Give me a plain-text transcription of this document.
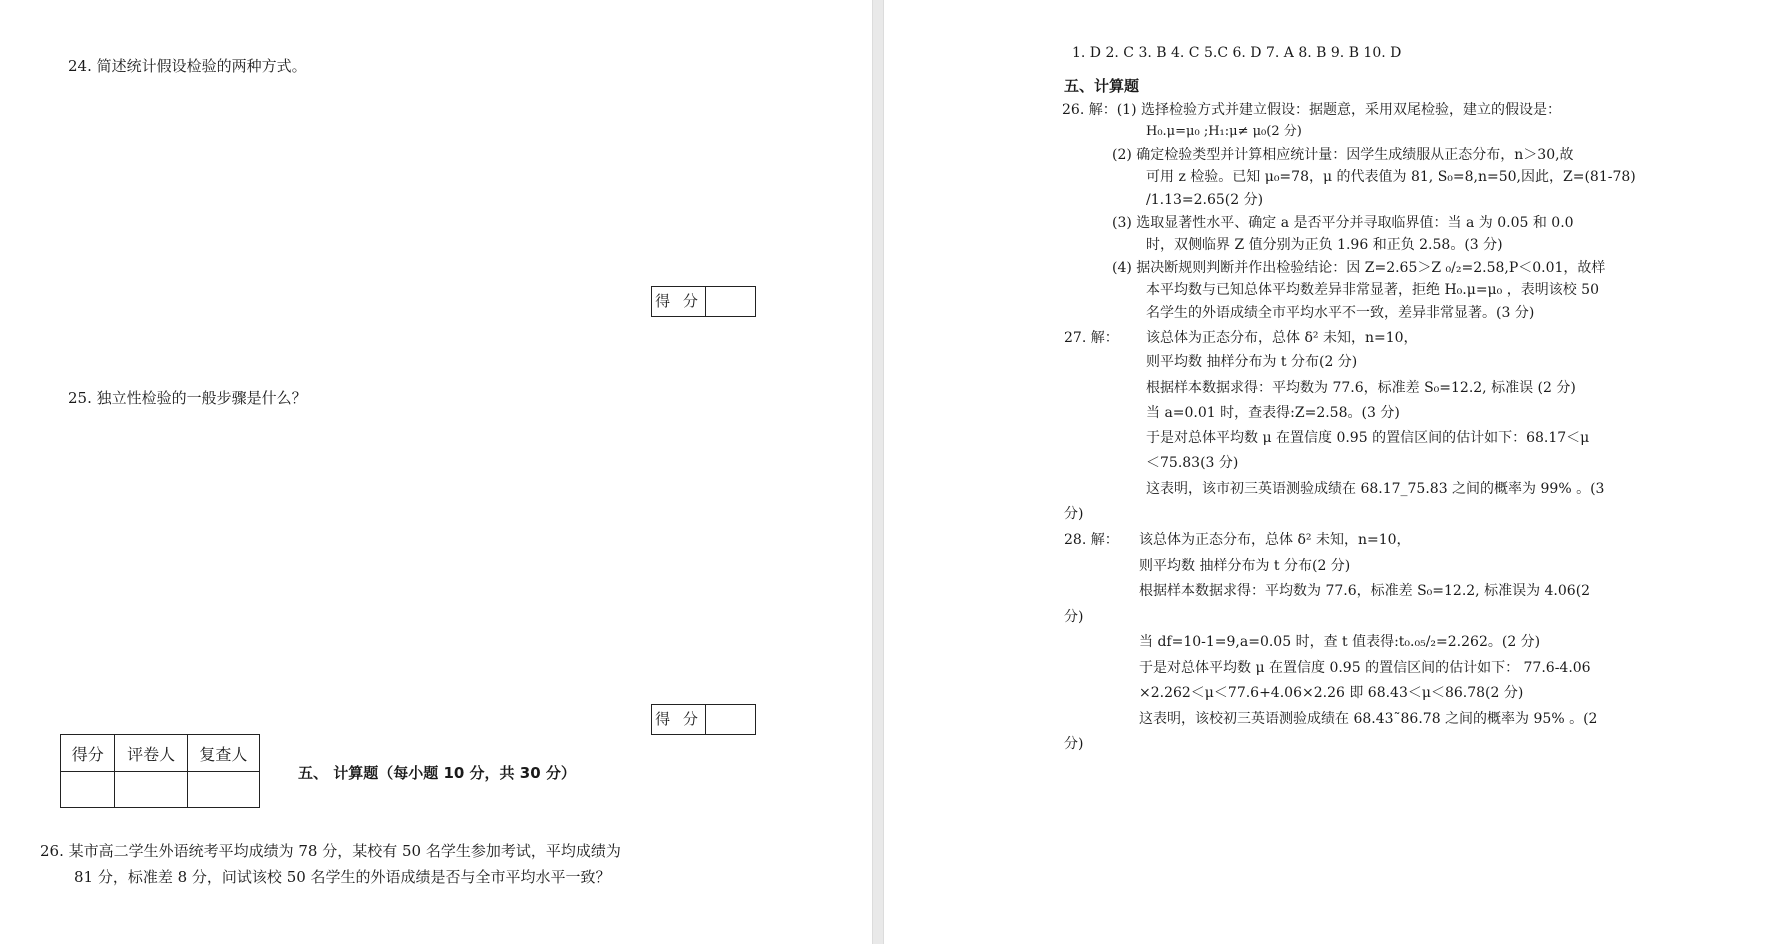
24. 简述统计假设检验的两种方式。
得 分
25. 独立性检验的一般步骤是什么？
得 分
得分	评卷人	复查人

五、 计算题（每小题 10 分，共 30 分）
26. 某市高二学生外语统考平均成绩为 78 分，某校有 50 名学生参加考试，平均成绩为
81 分，标准差 8 分，问试该校 50 名学生的外语成绩是否与全市平均水平一致？
1. D 2. C 3. B 4. C 5.C 6. D 7. A 8. B 9. B 10. D
五、计算题
26. 解：(1) 选择检验方式并建立假设：据题意，采用双尾检验，建立的假设是：
H₀.μ=μ₀ ;H₁:μ≠ μ₀(2 分)
(2) 确定检验类型并计算相应统计量：因学生成绩服从正态分布，n＞30,故
可用 z 检验。已知 μ₀=78，μ 的代表值为 81, S₀=8,n=50,因此，Z=(81-78)
/1.13=2.65(2 分)
(3) 选取显著性水平、确定 a 是否平分并寻取临界值：当 a 为 0.05 和 0.0
时，双侧临界 Z 值分别为正负 1.96 和正负 2.58。(3 分)
(4) 据决断规则判断并作出检验结论：因 Z=2.65＞Z ₀/₂=2.58,P＜0.01，故样
本平均数与已知总体平均数差异非常显著，拒绝 H₀.μ=μ₀ ，表明该校 50
名学生的外语成绩全市平均水平不一致，差异非常显著。(3 分)
27. 解： 该总体为正态分布，总体 δ² 未知，n=10，
则平均数 抽样分布为 t 分布(2 分)
根据样本数据求得：平均数为 77.6，标准差 S₀=12.2, 标准误 (2 分)
当 a=0.01 时，查表得:Z=2.58。(3 分)
于是对总体平均数 μ 在置信度 0.95 的置信区间的估计如下：68.17＜μ
＜75.83(3 分)
这表明，该市初三英语测验成绩在 68.17_75.83 之间的概率为 99% 。(3
分)
28. 解： 该总体为正态分布，总体 δ² 未知，n=10，
则平均数 抽样分布为 t 分布(2 分)
根据样本数据求得：平均数为 77.6，标准差 S₀=12.2, 标准误为 4.06(2
分)
当 df=10-1=9,a=0.05 时，查 t 值表得:t₀.₀₅/₂=2.262。(2 分)
于是对总体平均数 μ 在置信度 0.95 的置信区间的估计如下： 77.6-4.06
×2.262＜μ＜77.6+4.06×2.26 即 68.43＜μ＜86.78(2 分)
这表明，该校初三英语测验成绩在 68.43˜86.78 之间的概率为 95% 。(2
分)
